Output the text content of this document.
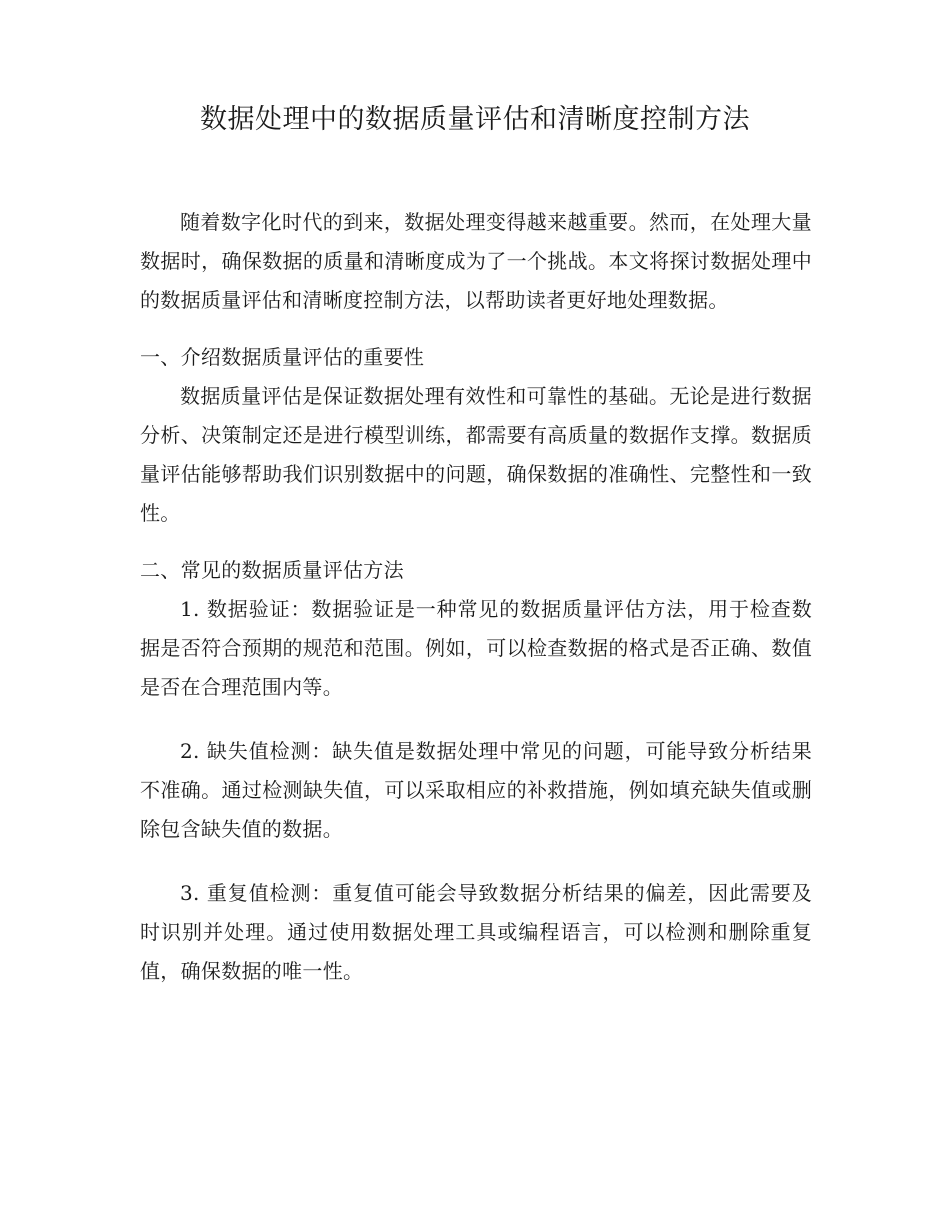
数据处理中的数据质量评估和清晰度控制方法

随着数字化时代的到来，数据处理变得越来越重要。然而，在处理大量数据时，确保数据的质量和清晰度成为了一个挑战。本文将探讨数据处理中的数据质量评估和清晰度控制方法，以帮助读者更好地处理数据。

一、介绍数据质量评估的重要性

数据质量评估是保证数据处理有效性和可靠性的基础。无论是进行数据分析、决策制定还是进行模型训练，都需要有高质量的数据作支撑。数据质量评估能够帮助我们识别数据中的问题，确保数据的准确性、完整性和一致性。

二、常见的数据质量评估方法

1. 数据验证：数据验证是一种常见的数据质量评估方法，用于检查数据是否符合预期的规范和范围。例如，可以检查数据的格式是否正确、数值是否在合理范围内等。

2. 缺失值检测：缺失值是数据处理中常见的问题，可能导致分析结果不准确。通过检测缺失值，可以采取相应的补救措施，例如填充缺失值或删除包含缺失值的数据。

3. 重复值检测：重复值可能会导致数据分析结果的偏差，因此需要及时识别并处理。通过使用数据处理工具或编程语言，可以检测和删除重复值，确保数据的唯一性。
